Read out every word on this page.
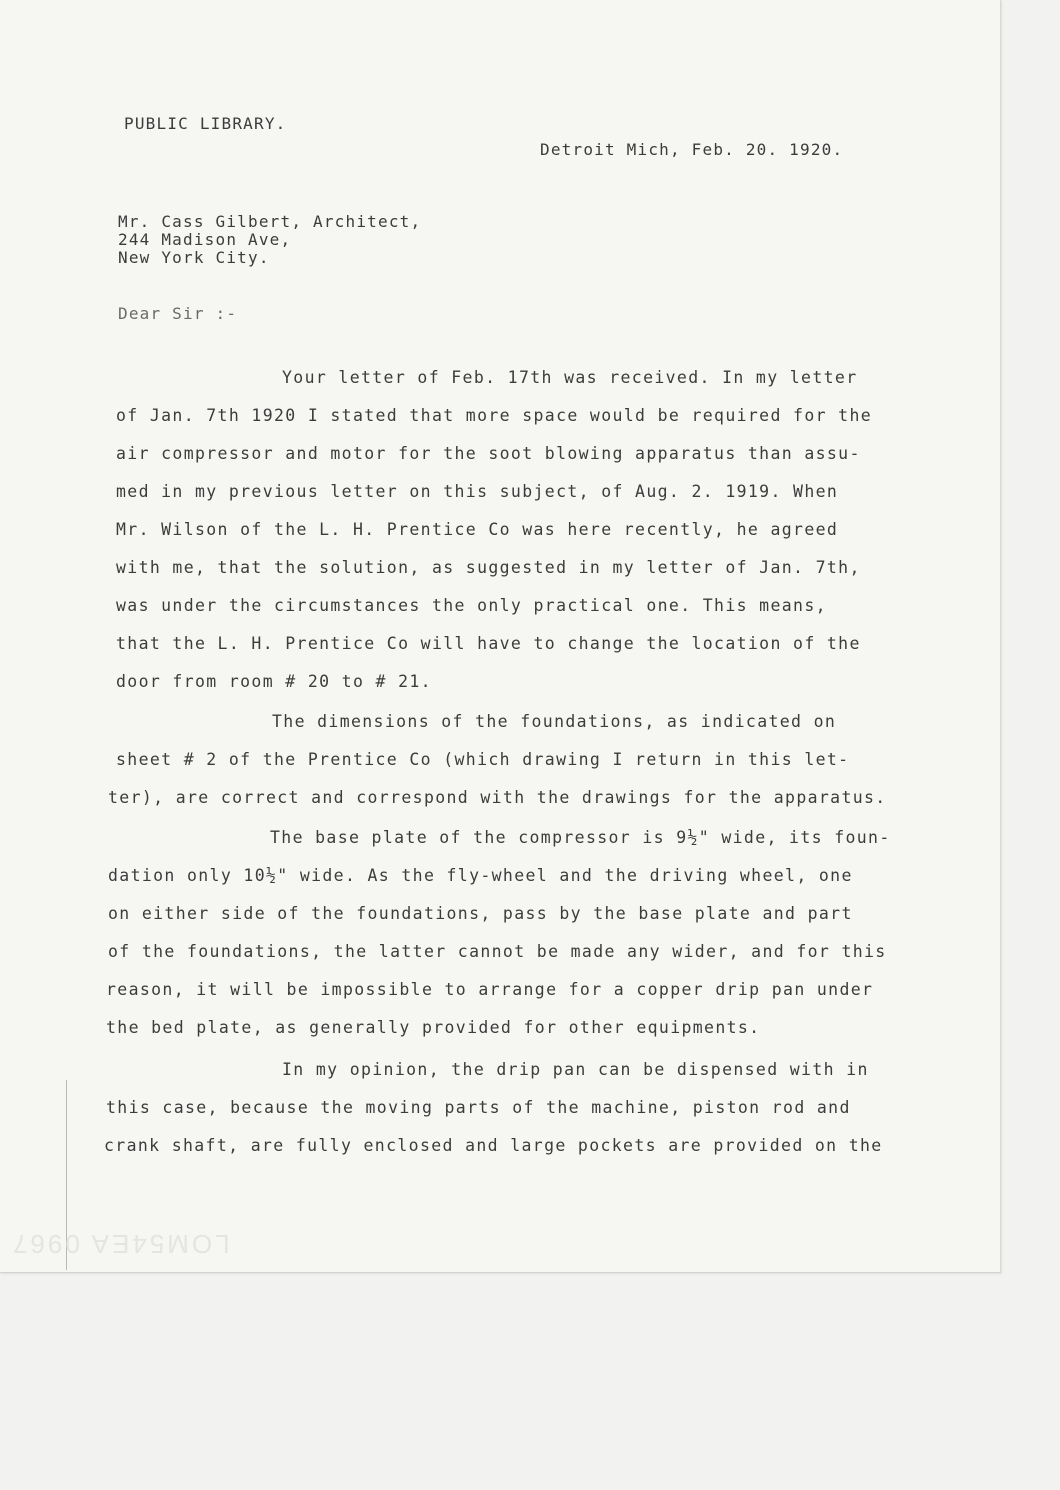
LOM54EA 0967
PUBLIC LIBRARY.
Detroit Mich, Feb. 20. 1920.
Mr. Cass Gilbert, Architect,
244 Madison Ave,
New York City.
Dear Sir :-
Your letter of Feb. 17th was received. In my letter
of Jan. 7th 1920 I stated that more space would be required for the
air compressor and motor for the soot blowing apparatus than assu-
med in my previous letter on this subject, of Aug. 2. 1919. When
Mr. Wilson of the L. H. Prentice Co was here recently, he agreed
with me, that the solution, as suggested in my letter of Jan. 7th,
was under the circumstances the only practical one. This means,
that the L. H. Prentice Co will have to change the location of the
door from room # 20 to # 21.
The dimensions of the foundations, as indicated on
sheet # 2 of the Prentice Co (which drawing I return in this let-
ter), are correct and correspond with the drawings for the apparatus.
The base plate of the compressor is 9½" wide, its foun-
dation only 10½" wide. As the fly-wheel and the driving wheel, one
on either side of the foundations, pass by the base plate and part
of the foundations, the latter cannot be made any wider, and for this
reason, it will be impossible to arrange for a copper drip pan under
the bed plate, as generally provided for other equipments.
In my opinion, the drip pan can be dispensed with in
this case, because the moving parts of the machine, piston rod and
crank shaft, are fully enclosed and large pockets are provided on the
